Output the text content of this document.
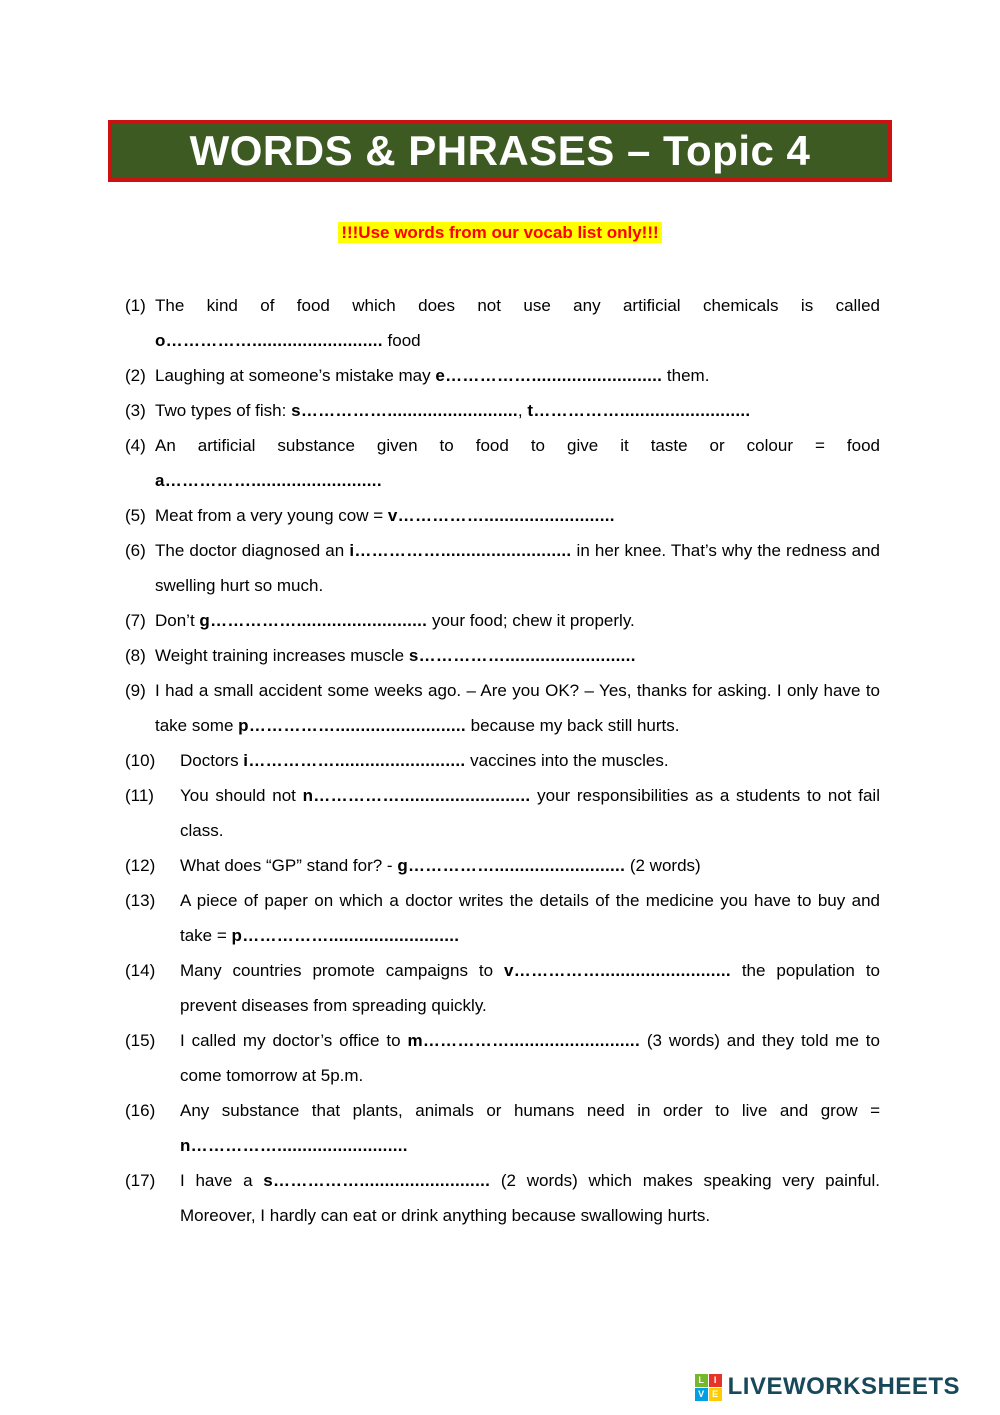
WORDS & PHRASES – Topic 4
!!!Use words from our vocab list only!!!
(1) The kind of food which does not use any artificial chemicals is called o…………….......................... food
(2) Laughing at someone’s mistake may e…………….......................... them.
(3) Two types of fish: s…………….........................., t……………..........................
(4) An artificial substance given to food to give it taste or colour = food a……………..........................
(5) Meat from a very young cow = v……………..........................
(6) The doctor diagnosed an i…………….......................... in her knee. That’s why the redness and swelling hurt so much.
(7) Don’t g…………….......................... your food; chew it properly.
(8) Weight training increases muscle s……………..........................
(9) I had a small accident some weeks ago. – Are you OK? – Yes, thanks for asking. I only have to take some p…………….......................... because my back still hurts.
(10)	Doctors i…………….......................... vaccines into the muscles.
(11)	You should not n…………….......................... your responsibilities as a students to not fail class.
(12)	What does “GP” stand for? - g…………….......................... (2 words)
(13)	A piece of paper on which a doctor writes the details of the medicine you have to buy and take = p……………..........................
(14)	Many countries promote campaigns to v…………….......................... the population to prevent diseases from spreading quickly.
(15)	I called my doctor’s office to m…………….......................... (3 words) and they told me to come tomorrow at 5p.m.
(16)	Any substance that plants, animals or humans need in order to live and grow = n……………..........................
(17)	I have a s…………….......................... (2 words) which makes speaking very painful. Moreover, I hardly can eat or drink anything because swallowing hurts.
L	I
V E LIVEWORKSHEETS
